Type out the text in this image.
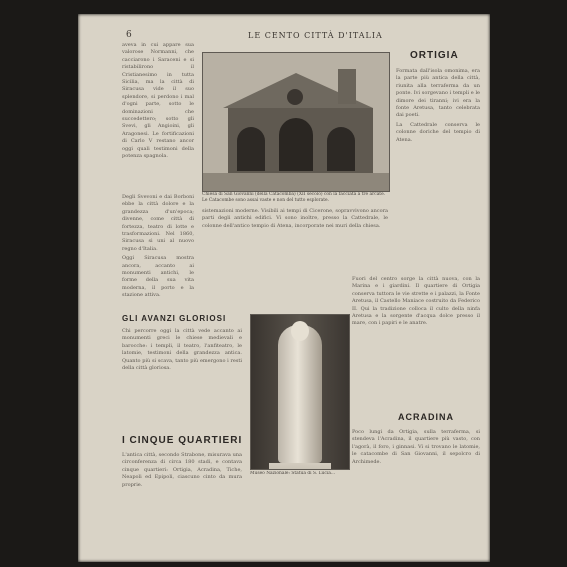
6	LE CENTO CITTÀ D'ITALIA

aveva in cui appare sua valorose Normanni, che cacciarono i Saraceni e si ristabilirono il Cristianesimo in tutta Sicilia, ma la città di Siracusa vide il suo splendore, si perdono i mal d'ogni parte, sotto le dominazioni che succedettero; sotto gli Svevi, gli Angioini, gli Aragonesi. Le fortificazioni di Carlo V restano ancor oggi quali testimoni della potenza spagnola.

Chiesa di San Giovanni (della Catacomba) (XII secolo) con la facciata a tre arcate. Le Catacombe sono assai vaste e non del tutto esplorate.

sistemazioni moderne. Visibili ai tempi di Cicerone, sopravvivono ancora parti degli antichi edifici. Vi sono inoltre, presso la Cattedrale, le colonne dell'antico tempio di Atena, incorporate nei muri della chiesa.

Degli Svevoni e dai Borboni ebbe la città dolore e la grandezza d'un'epoca; divenne, come città di fortezza, teatro di lotte e trasformazioni. Nel 1860, Siracusa si uni al nuovo regno d'Italia.

Oggi Siracusa mostra ancora, accanto ai monumenti antichi, le forme della sua vita moderna, il porto e la stazione attiva.

GLI AVANZI GLORIOSI

Chi percorre oggi la città vede accanto ai monumenti greci le chiese medievali e barocche: i templi, il teatro, l'anfiteatro, le latomie, testimoni della grandezza antica. Quanto più si scava, tanto più emergono i resti della città gloriosa.

I CINQUE QUARTIERI

L'antica città, secondo Strabone, misurava una circonferenza di circa 180 stadi, e contava cinque quartieri: Ortigia, Acradina, Tiche, Neapoli ed Epipoli, ciascuno cinto da mura proprie.

Museo Nazionale: Statua di S. Lucia...

Fuori del centro sorge la città nuova, con la Marina e i giardini. Il quartiere di Ortigia conserva tuttora le vie strette e i palazzi, la Fonte Aretusa, il Castello Maniace costruito da Federico II. Qui la tradizione colloca il culto della ninfa Aretusa e la sorgente d'acqua dolce presso il mare, con i papiri e le anatre.

ORTIGIA

Formata dall'isola omonima, era la parte più antica della città, riunita alla terraferma da un ponte. Ivi sorgevano i templi e le dimore dei tiranni; ivi era la fonte Aretusa, tanto celebrata dai poeti.

La Cattedrale conserva le colonne doriche del tempio di Atena.

ACRADINA

Poco lungi da Ortigia, sulla terraferma, si stendeva l'Acradina, il quartiere più vasto, con l'agorà, il foro, i ginnasi. Vi si trovano le latomie, le catacombe di San Giovanni, il sepolcro di Archimede.
